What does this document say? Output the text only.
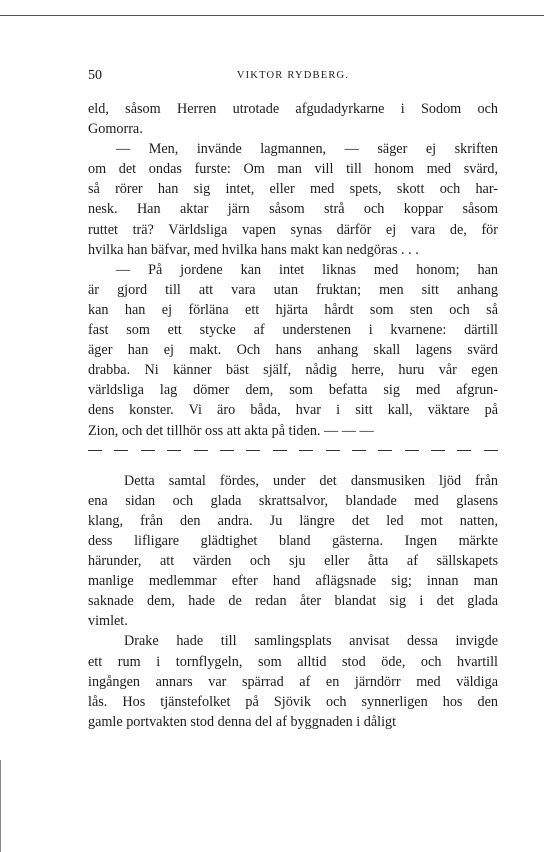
50	VIKTOR RYDBERG.
eld, såsom Herren utrotade afgudadyrkarne i Sodom och
Gomorra.
— Men, invände lagmannen, — säger ej skriften
om det ondas furste: Om man vill till honom med svärd,
så rörer han sig intet, eller med spets, skott och har-
nesk. Han aktar järn såsom strå och koppar såsom
ruttet trä? Världsliga vapen synas därför ej vara de, för
hvilka han bäfvar, med hvilka hans makt kan nedgöras . . .
— På jordene kan intet liknas med honom; han
är gjord till att vara utan fruktan; men sitt anhang
kan han ej förläna ett hjärta hårdt som sten och så
fast som ett stycke af understenen i kvarnene: därtill
äger han ej makt. Och hans anhang skall lagens svärd
drabba. Ni känner bäst själf, nådig herre, huru vår egen
världsliga lag dömer dem, som befatta sig med afgrun-
dens konster. Vi äro båda, hvar i sitt kall, väktare på
Zion, och det tillhör oss att akta på tiden. — — —
Detta samtal fördes, under det dansmusiken ljöd från
ena sidan och glada skrattsalvor, blandade med glasens
klang, från den andra. Ju längre det led mot natten,
dess lifligare glädtighet bland gästerna. Ingen märkte
härunder, att värden och sju eller åtta af sällskapets
manlige medlemmar efter hand aflägsnade sig; innan man
saknade dem, hade de redan åter blandat sig i det glada
vimlet.
Drake hade till samlingsplats anvisat dessa invigde
ett rum i tornflygeln, som alltid stod öde, och hvartill
ingången annars var spärrad af en järndörr med väldiga
lås. Hos tjänstefolket på Sjövik och synnerligen hos den
gamle portvakten stod denna del af byggnaden i dåligt
